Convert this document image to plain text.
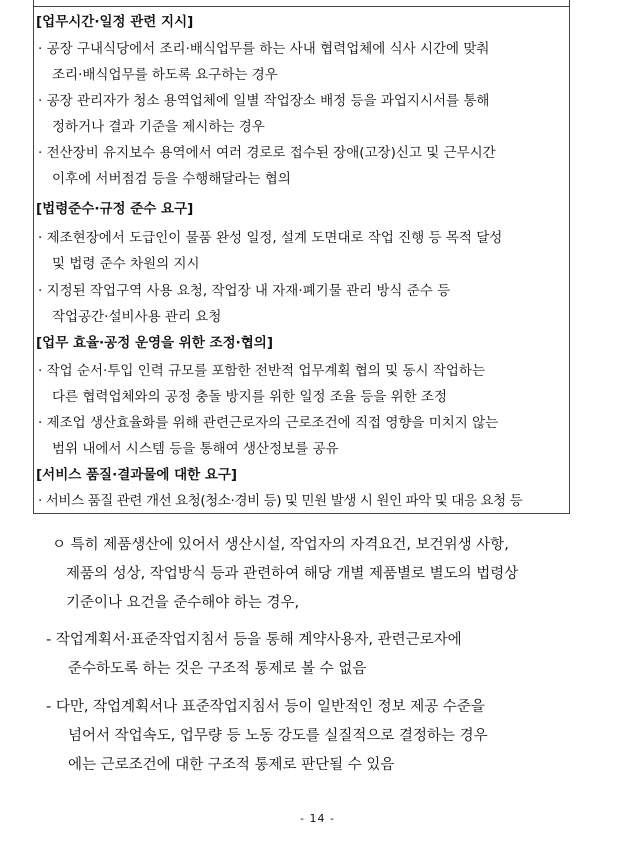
[업무시간·일정 관련 지시]
· 공장 구내식당에서 조리·배식업무를 하는 사내 협력업체에 식사 시간에 맞춰
조리·배식업무를 하도록 요구하는 경우
· 공장 관리자가 청소 용역업체에 일별 작업장소 배정 등을 과업지시서를 통해
정하거나 결과 기준을 제시하는 경우
· 전산장비 유지보수 용역에서 여러 경로로 접수된 장애(고장)신고 및 근무시간
이후에 서버점검 등을 수행해달라는 협의
[법령준수·규정 준수 요구]
· 제조현장에서 도급인이 물품 완성 일정, 설계 도면대로 작업 진행 등 목적 달성
및 법령 준수 차원의 지시
· 지정된 작업구역 사용 요청, 작업장 내 자재·폐기물 관리 방식 준수 등
작업공간·설비사용 관리 요청
[업무 효율·공정 운영을 위한 조정·협의]
· 작업 순서·투입 인력 규모를 포함한 전반적 업무계획 협의 및 동시 작업하는
다른 협력업체와의 공정 충돌 방지를 위한 일정 조율 등을 위한 조정
· 제조업 생산효율화를 위해 관련근로자의 근로조건에 직접 영향을 미치지 않는
범위 내에서 시스템 등을 통해여 생산정보를 공유
[서비스 품질·결과물에 대한 요구]
· 서비스 품질 관련 개선 요청(청소·경비 등) 및 민원 발생 시 원인 파악 및 대응 요청 등
ㅇ 특히 제품생산에 있어서 생산시설, 작업자의 자격요건, 보건위생 사항,
제품의 성상, 작업방식 등과 관련하여 해당 개별 제품별로 별도의 법령상
기준이나 요건을 준수해야 하는 경우,
- 작업계획서·표준작업지침서 등을 통해 계약사용자, 관련근로자에
준수하도록 하는 것은 구조적 통제로 볼 수 없음
- 다만, 작업계획서나 표준작업지침서 등이 일반적인 정보 제공 수준을
넘어서 작업속도, 업무량 등 노동 강도를 실질적으로 결정하는 경우
에는 근로조건에 대한 구조적 통제로 판단될 수 있음
- 14 -
